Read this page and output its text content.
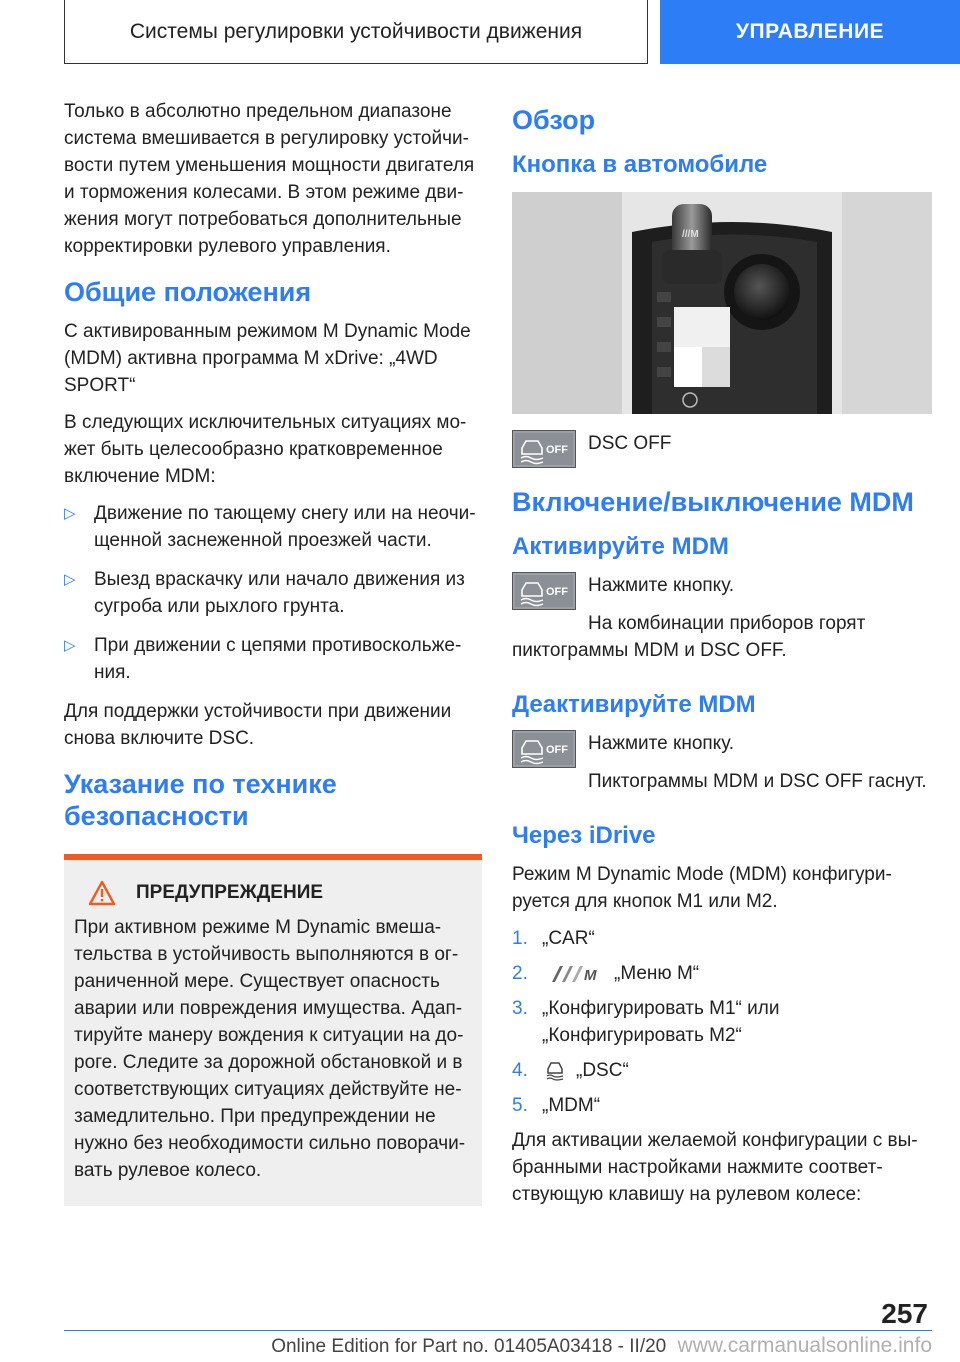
Системы регулировки устойчивости движения	УПРАВЛЕНИЕ

Только в абсолютно предельном диапазоне система вмешивается в регулировку устойчивости путем уменьшения мощности двигателя и торможения колесами. В этом режиме движения могут потребоваться дополнительные корректировки рулевого управления.

Общие положения

С активированным режимом M Dynamic Mode (MDM) активна программа M xDrive: „4WD SPORT“

В следующих исключительных ситуациях может быть целесообразно кратковременное включение MDM:

▷ Движение по тающему снегу или на неочищенной заснеженной проезжей части.
▷ Выезд враскачку или начало движения из сугроба или рыхлого грунта.
▷ При движении с цепями противоскольжения.

Для поддержки устойчивости при движении снова включите DSC.

Указание по технике безопасности
ПРЕДУПРЕЖДЕНИЕ

При активном режиме M Dynamic вмешательства в устойчивость выполняются в ограниченной мере. Существует опасность аварии или повреждения имущества. Адаптируйте манеру вождения к ситуации на дороге. Следите за дорожной обстановкой и в соответствующих ситуациях действуйте незамедлительно. При предупреждении не нужно без необходимости сильно поворачивать рулевое колесо.

Обзор
Кнопка в автомобиле
///M
OFF DSC OFF

Включение/выключение MDM
Активируйте MDM
OFF Нажмите кнопку.

На комбинации приборов горят пиктограммы MDM и DSC OFF.

Деактивируйте MDM
OFF Нажмите кнопку.

Пиктограммы MDM и DSC OFF гаснут.

Через iDrive

Режим M Dynamic Mode (MDM) конфигурируется для кнопок M1 или M2.

1. „CAR“
2.	M „Меню M“
3. „Конфигурировать M1“ или „Конфигурировать M2“
4.	„DSC“
5. „MDM“

Для активации желаемой конфигурации с выбранными настройками нажмите соответствующую клавишу на рулевом колесе:

257
Online Edition for Part no. 01405A03418 - II/20 www.carmanualsonline.info
